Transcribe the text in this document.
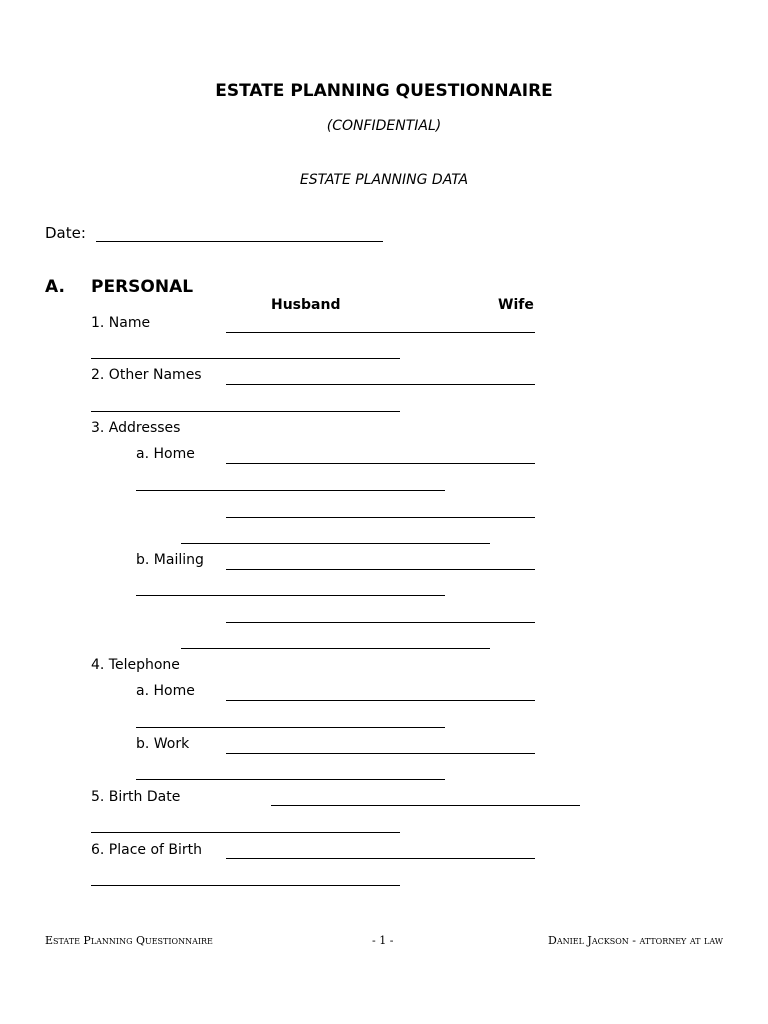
ESTATE PLANNING QUESTIONNAIRE
(CONFIDENTIAL)
ESTATE PLANNING DATA
Date:
A. PERSONAL
Husband	Wife
1. Name
2. Other Names
3. Addresses
a. Home
b. Mailing
4. Telephone
a. Home
b. Work
5. Birth Date
6. Place of Birth
Estate Planning Questionnaire	- 1 -	Daniel Jackson - attorney at law
